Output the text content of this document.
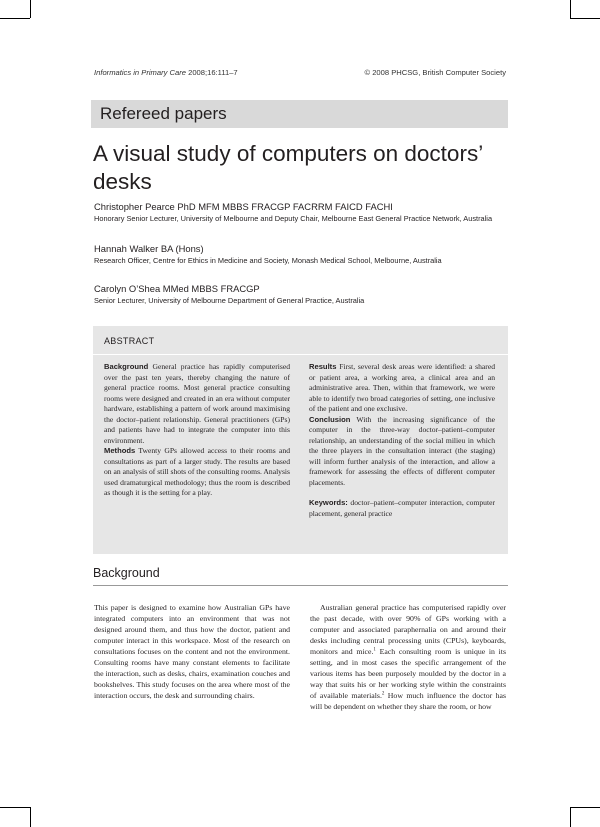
Informatics in Primary Care 2008;16:111–7	© 2008 PHCSG, British Computer Society
Refereed papers
A visual study of computers on doctors’
desks
Christopher Pearce PhD MFM MBBS FRACGP FACRRM FAICD FACHI
Honorary Senior Lecturer, University of Melbourne and Deputy Chair, Melbourne East General Practice Network, Australia
Hannah Walker BA (Hons)
Research Officer, Centre for Ethics in Medicine and Society, Monash Medical School, Melbourne, Australia
Carolyn O’Shea MMed MBBS FRACGP
Senior Lecturer, University of Melbourne Department of General Practice, Australia
ABSTRACT

Background General practice has rapidly computerised over the past ten years, thereby changing the nature of general practice rooms. Most general practice consulting rooms were designed and created in an era without computer hardware, establishing a pattern of work around maximising the doctor–patient relationship. General practitioners (GPs) and patients have had to integrate the computer into this environment.

Methods Twenty GPs allowed access to their rooms and consultations as part of a larger study. The results are based on an analysis of still shots of the consulting rooms. Analysis used dramaturgical methodology; thus the room is described as though it is the setting for a play.

Results First, several desk areas were identified: a shared or patient area, a working area, a clinical area and an administrative area. Then, within that framework, we were able to identify two broad categories of setting, one inclusive of the patient and one exclusive.

Conclusion With the increasing significance of the computer in the three-way doctor–patient–computer relationship, an understanding of the social milieu in which the three players in the consultation interact (the staging) will inform further analysis of the interaction, and allow a framework for assessing the effects of different computer placements.

Keywords: doctor–patient–computer interaction, computer placement, general practice

Background

This paper is designed to examine how Australian GPs have integrated computers into an environment that was not designed around them, and thus how the doctor, patient and computer interact in this workspace. Most of the research on consultations focuses on the content and not the environment. Consulting rooms have many constant elements to facilitate the interaction, such as desks, chairs, examination couches and bookshelves. This study focuses on the area where most of the interaction occurs, the desk and surrounding chairs.

Australian general practice has computerised rapidly over the past decade, with over 90% of GPs working with a computer and associated paraphernalia on and around their desks including central processing units (CPUs), keyboards, monitors and mice.$^1$ Each consulting room is unique in its setting, and in most cases the specific arrangement of the various items has been purposely moulded by the doctor in a way that suits his or her working style within the constraints of available materials.$^2$ How much influence the doctor has will be dependent on whether they share the room, or how
